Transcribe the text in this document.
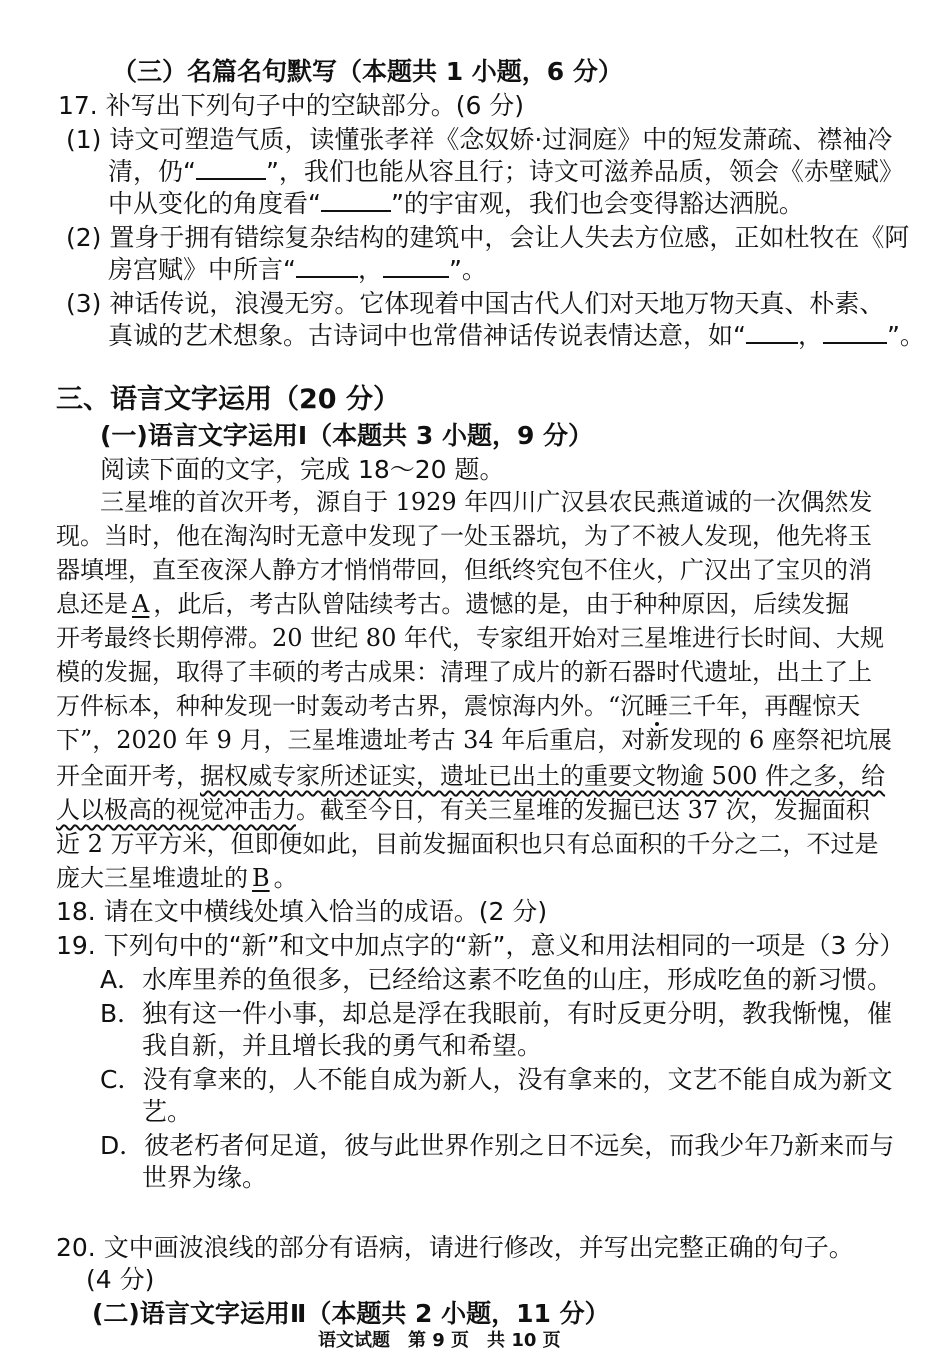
（三）名篇名句默写（本题共 1 小题，6 分）
17. 补写出下列句子中的空缺部分。(6 分)
(1) 诗文可塑造气质，读懂张孝祥《念奴娇·过洞庭》中的短发萧疏、襟袖冷
清，仍“	”，我们也能从容且行；诗文可滋养品质，领会《赤壁赋》
中从变化的角度看“	”的宇宙观，我们也会变得豁达洒脱。
(2) 置身于拥有错综复杂结构的建筑中，会让人失去方位感，正如杜牧在《阿
房宫赋》中所言“ ，	”。
(3) 神话传说，浪漫无穷。它体现着中国古代人们对天地万物天真、朴素、
真诚的艺术想象。古诗词中也常借神话传说表情达意，如“ ，	”。
三、语言文字运用（20 分）
(一)语言文字运用Ⅰ（本题共 3 小题，9 分）
阅读下面的文字，完成 18～20 题。
三星堆的首次开考，源自于 1929 年四川广汉县农民燕道诚的一次偶然发
现。当时，他在淘沟时无意中发现了一处玉器坑，为了不被人发现，他先将玉
器填埋，直至夜深人静方才悄悄带回，但纸终究包不住火，广汉出了宝贝的消
息还是 A ，此后，考古队曾陆续考古。遗憾的是，由于种种原因，后续发掘
开考最终长期停滞。20 世纪 80 年代，专家组开始对三星堆进行长时间、大规
模的发掘，取得了丰硕的考古成果：清理了成片的新石器时代遗址，出土了上
万件标本，种种发现一时轰动考古界，震惊海内外。“沉睡三千年，再醒惊天
下”，2020 年 9 月，三星堆遗址考古 34 年后重启，对新发现的 6 座祭祀坑展
开全面开考，据权威专家所述证实，遗址已出土的重要文物逾 500 件之多，给
人以极高的视觉冲击力。截至今日，有关三星堆的发掘已达 37 次，发掘面积
近 2 万平方米，但即便如此，目前发掘面积也只有总面积的千分之二，不过是
庞大三星堆遗址的 B 。
18. 请在文中横线处填入恰当的成语。(2 分)
19. 下列句中的“新”和文中加点字的“新”，意义和用法相同的一项是（3 分）
A．水库里养的鱼很多，已经给这素不吃鱼的山庄，形成吃鱼的新习惯。
B．独有这一件小事，却总是浮在我眼前，有时反更分明，教我惭愧，催
我自新，并且增长我的勇气和希望。
C．没有拿来的，人不能自成为新人，没有拿来的，文艺不能自成为新文
艺。
D．彼老朽者何足道，彼与此世界作别之日不远矣，而我少年乃新来而与
世界为缘。
20. 文中画波浪线的部分有语病，请进行修改，并写出完整正确的句子。
(4 分)
(二)语言文字运用Ⅱ（本题共 2 小题，11 分）
语文试题　第 9 页　共 10 页
